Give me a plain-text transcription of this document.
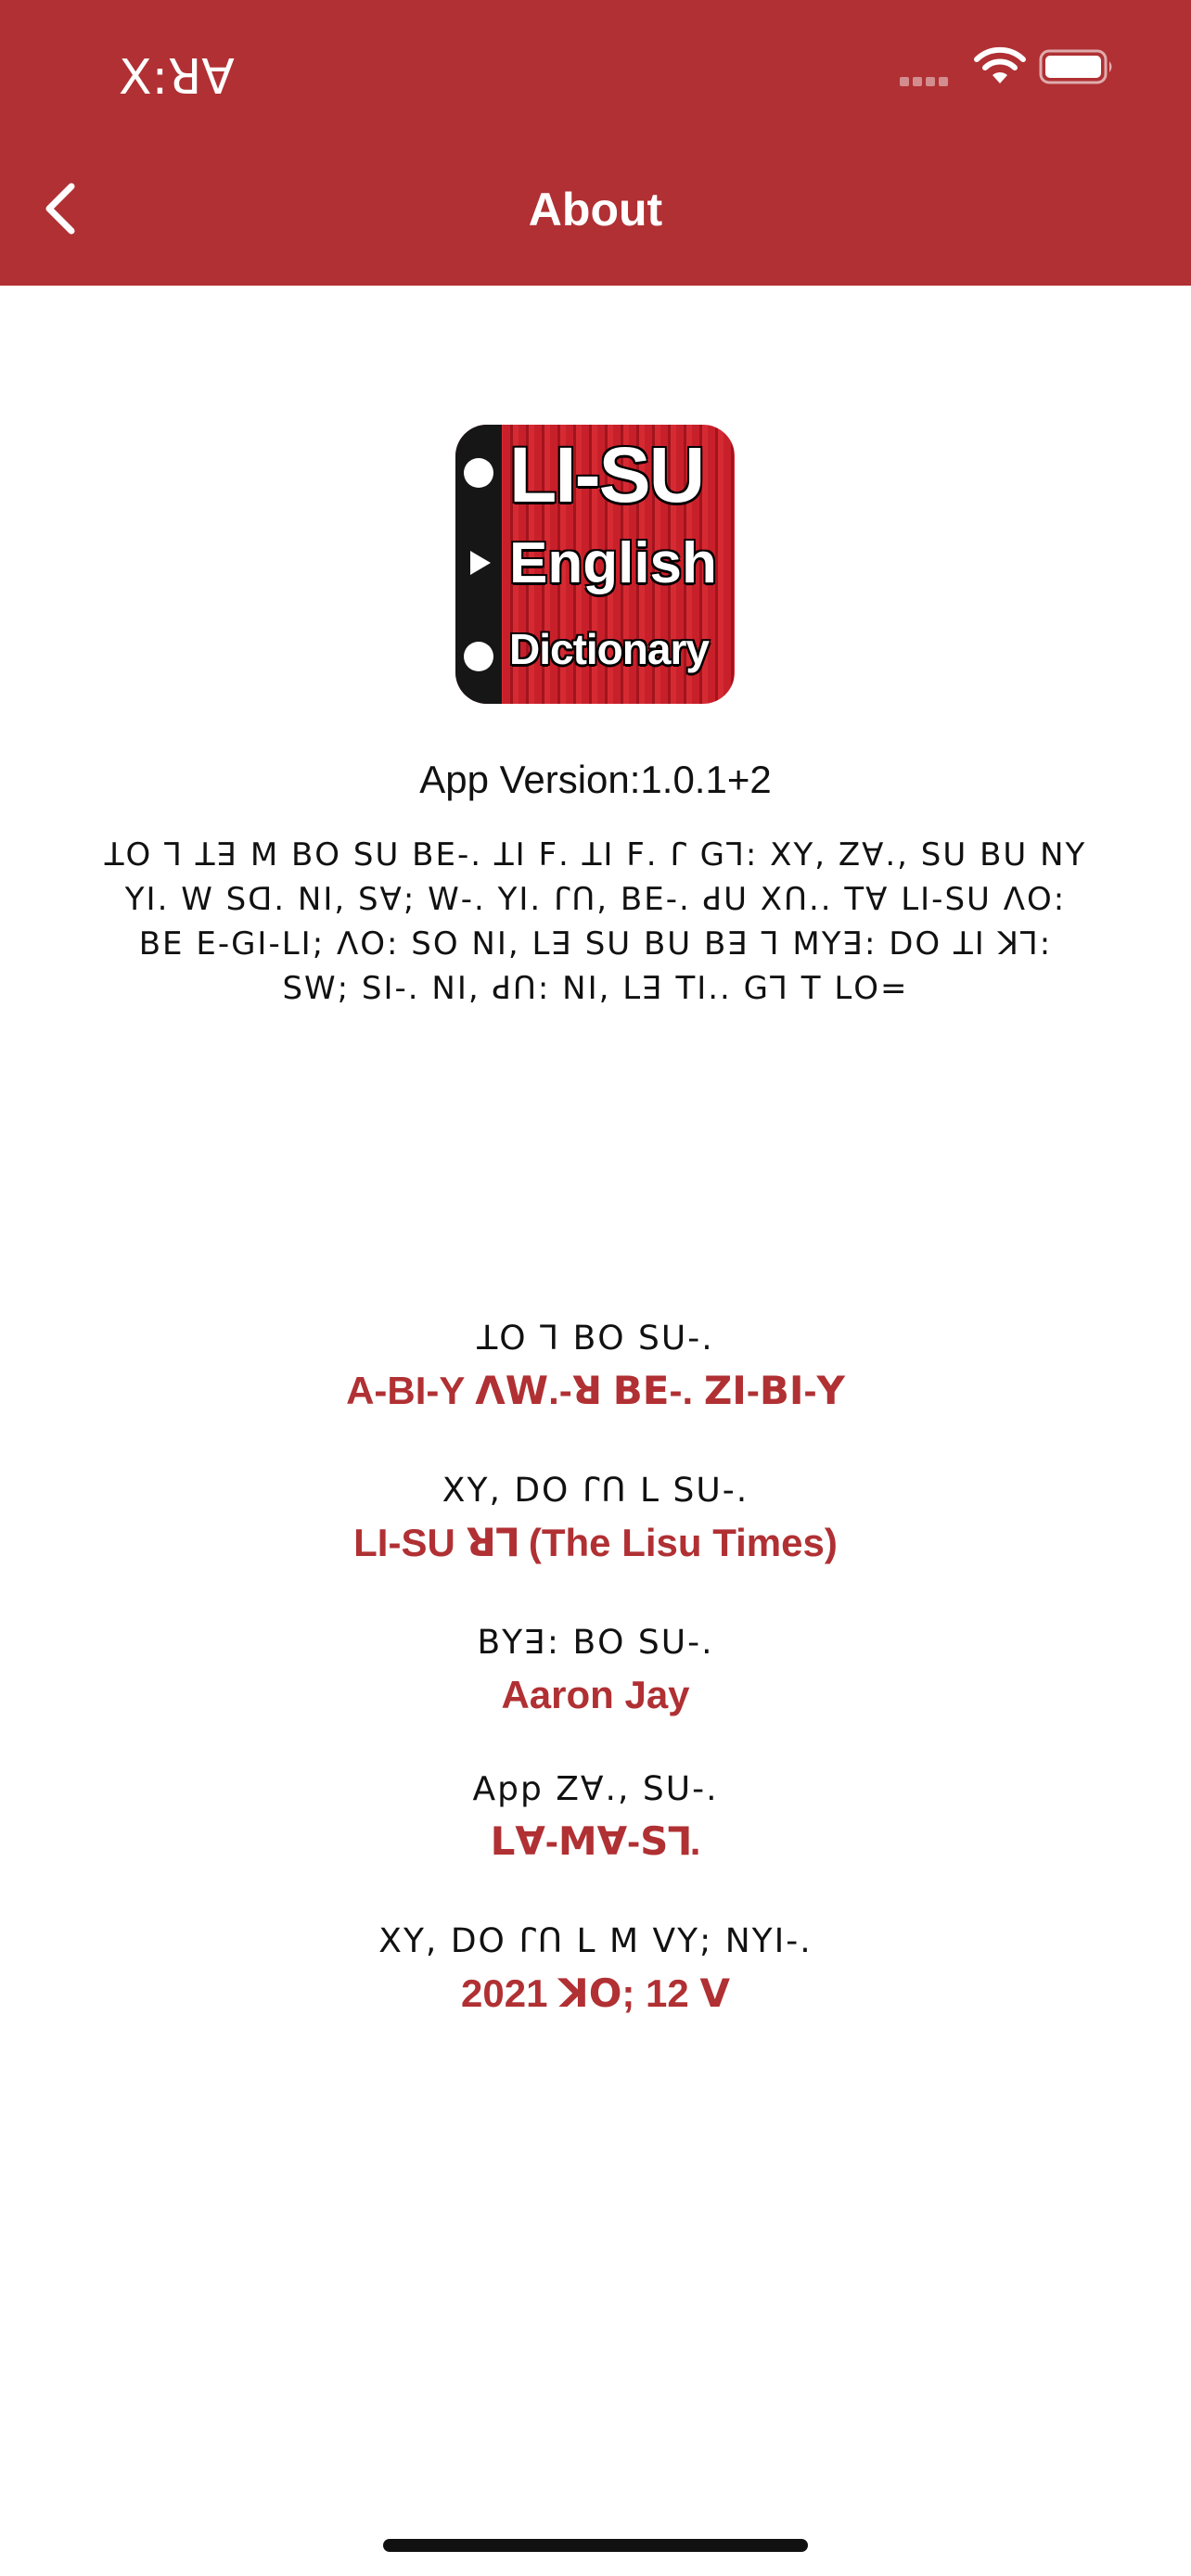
ꓫ:ꓤꓯ
About
LI-SU
English
Dictionary
App Version:1.0.1+2
ꓕꓳ ꓶ ꓕꓱ ꓟ ꓐꓳ ꓢꓴ ꓐꓰ-. ꓕꓲ ꓝ. ꓕꓲ ꓝ. ꓩ ꓖꓶ: ꓫꓬ, ꓜꓯ., ꓢꓴ ꓐꓴ ꓠꓬ ꓬꓲ. ꓪ ꓢꓷ. ꓠꓲ, ꓢꓯ; ꓪ-. ꓬꓲ. ꓩꓵ, ꓐꓰ-. ꓒꓴ ꓫꓵ.. ꓔꓯ ꓡꓲ-ꓢꓴ ꓥꓳ: ꓐꓰ ꓰ-ꓖꓲ-ꓡꓲ; ꓥꓳ: ꓢꓳ ꓠꓲ, ꓡꓱ ꓢꓴ ꓐꓴ ꓐꓱ ꓶ ꓟꓬꓱ: ꓓꓳ ꓕꓲ ꓘꓶ: ꓢꓪ; ꓢꓲ-. ꓠꓲ, ꓒꓵ: ꓠꓲ, ꓡꓱ ꓔꓲ.. ꓖꓶ ꓔ ꓡꓳ=
ꓕꓳ ꓶ ꓐꓳ ꓢꓴ-.
A-BI-Y ꓥꓪ.-ꓤ ꓐꓰ-. ꓜꓲ-ꓐꓲ-ꓬ
ꓫꓬ, ꓓꓳ ꓩꓵ ꓡ ꓢꓴ-.
LI-SU ꓤꓶ (The Lisu Times)
ꓐꓬꓱ: ꓐꓳ ꓢꓴ-.
Aaron Jay
App ꓜꓯ., ꓢꓴ-.
ꓡꓯ-ꓟꓯ-ꓢꓶ.
ꓫꓬ, ꓓꓳ ꓩꓵ ꓡ ꓟ ꓦꓬ; ꓠꓬꓲ-.
2021 ꓘꓳ; 12 ꓦ
